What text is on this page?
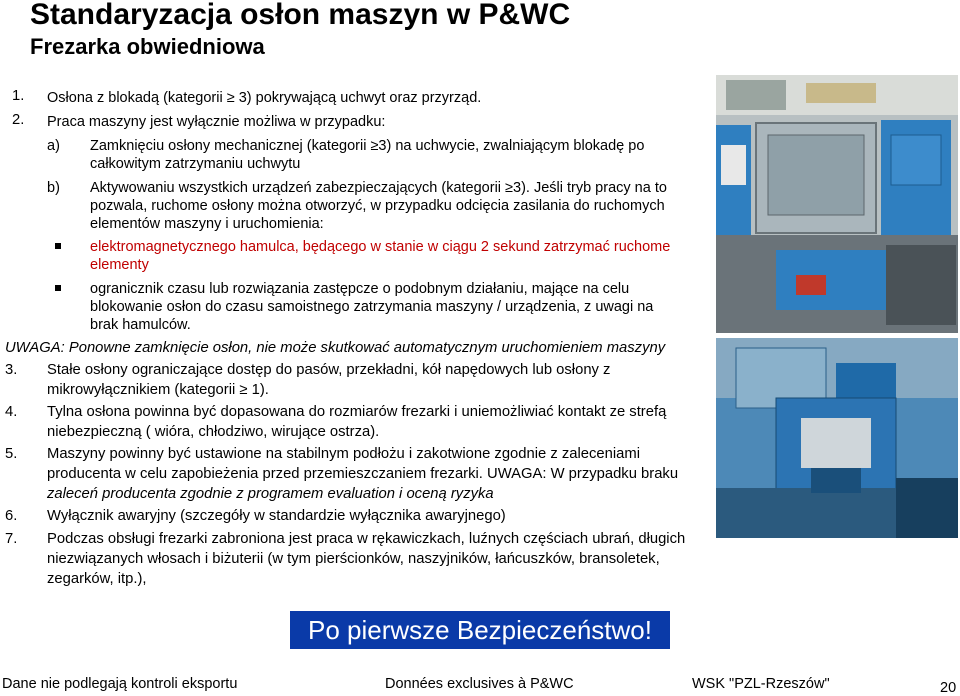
Standaryzacja osłon maszyn w P&WC
Frezarka obwiedniowa
1. Osłona z blokadą (kategorii ≥ 3) pokrywającą uchwyt oraz przyrząd.
2. Praca maszyny jest wyłącznie możliwa w przypadku:
a) Zamknięciu osłony mechanicznej (kategorii ≥3) na uchwycie, zwalniającym blokadę po
całkowitym zatrzymaniu uchwytu
b) Aktywowaniu wszystkich urządzeń zabezpieczających (kategorii ≥3). Jeśli tryb pracy na to
pozwala, ruchome osłony można otworzyć, w przypadku odcięcia zasilania do ruchomych
elementów maszyny i uruchomienia:
elektromagnetycznego hamulca, będącego w stanie w ciągu 2 sekund zatrzymać ruchome
elementy
ogranicznik czasu lub rozwiązania zastępcze o podobnym działaniu, mające na celu
blokowanie osłon do czasu samoistnego zatrzymania maszyny / urządzenia, z uwagi na
brak hamulców.
UWAGA: Ponowne zamknięcie osłon, nie może skutkować automatycznym uruchomieniem maszyny
3. Stałe osłony ograniczające dostęp do pasów, przekładni, kół napędowych lub osłony z
mikrowyłącznikiem (kategorii ≥ 1).
4. Tylna osłona powinna być dopasowana do rozmiarów frezarki i uniemożliwiać kontakt ze strefą
niebezpieczną ( wióra, chłodziwo, wirujące ostrza).
5. Maszyny powinny być ustawione na stabilnym podłożu i zakotwione zgodnie z zaleceniami
producenta w celu zapobieżenia przed przemieszczaniem frezarki. UWAGA: W przypadku braku
zaleceń producenta zgodnie z programem evaluation i oceną ryzyka
6. Wyłącznik awaryjny (szczegóły w standardzie wyłącznika awaryjnego)
7. Podczas obsługi frezarki zabroniona jest praca w rękawiczkach, luźnych częściach ubrań, długich
niezwiązanych włosach i biżuterii (w tym pierścionków, naszyjników, łańcuszków, bransoletek,
zegarków, itp.),
Po pierwsze Bezpieczeństwo!
Dane nie podlegają kontroli eksportu	Données exclusives à P&WC	WSK "PZL-Rzeszów"	20
